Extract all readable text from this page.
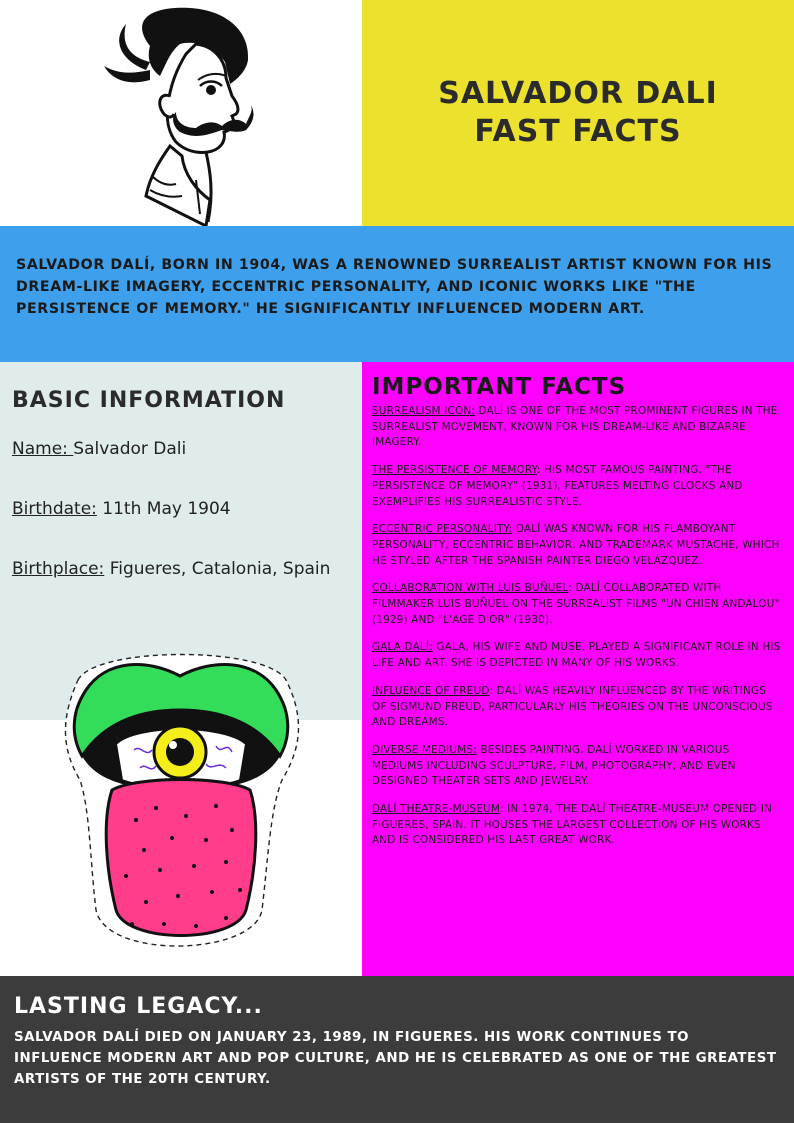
SALVADOR DALI
FAST FACTS

SALVADOR DALÍ, BORN IN 1904, WAS A RENOWNED SURREALIST ARTIST KNOWN FOR HIS DREAM-LIKE IMAGERY, ECCENTRIC PERSONALITY, AND ICONIC WORKS LIKE "THE PERSISTENCE OF MEMORY." HE SIGNIFICANTLY INFLUENCED MODERN ART.

BASIC INFORMATION
Name: Salvador Dali
Birthdate: 11th May 1904
Birthplace: Figueres, Catalonia, Spain
IMPORTANT FACTS
SURREALISM ICON: DALÍ IS ONE OF THE MOST PROMINENT FIGURES IN THE SURREALIST MOVEMENT, KNOWN FOR HIS DREAM-LIKE AND BIZARRE IMAGERY.
THE PERSISTENCE OF MEMORY: HIS MOST FAMOUS PAINTING, "THE PERSISTENCE OF MEMORY" (1931), FEATURES MELTING CLOCKS AND EXEMPLIFIES HIS SURREALISTIC STYLE.
ECCENTRIC PERSONALITY: DALÍ WAS KNOWN FOR HIS FLAMBOYANT PERSONALITY, ECCENTRIC BEHAVIOR, AND TRADEMARK MUSTACHE, WHICH HE STYLED AFTER THE SPANISH PAINTER DIEGO VELÁZQUEZ.
COLLABORATION WITH LUIS BUÑUEL: DALÍ COLLABORATED WITH FILMMAKER LUIS BUÑUEL ON THE SURREALIST FILMS "UN CHIEN ANDALOU" (1929) AND "L'AGE D'OR" (1930).
GALA DALÍ: GALA, HIS WIFE AND MUSE, PLAYED A SIGNIFICANT ROLE IN HIS LIFE AND ART. SHE IS DEPICTED IN MANY OF HIS WORKS.
INFLUENCE OF FREUD: DALÍ WAS HEAVILY INFLUENCED BY THE WRITINGS OF SIGMUND FREUD, PARTICULARLY HIS THEORIES ON THE UNCONSCIOUS AND DREAMS.
DIVERSE MEDIUMS: BESIDES PAINTING, DALÍ WORKED IN VARIOUS MEDIUMS INCLUDING SCULPTURE, FILM, PHOTOGRAPHY, AND EVEN DESIGNED THEATER SETS AND JEWELRY.
DALÍ THEATRE-MUSEUM: IN 1974, THE DALÍ THEATRE-MUSEUM OPENED IN FIGUERES, SPAIN. IT HOUSES THE LARGEST COLLECTION OF HIS WORKS AND IS CONSIDERED HIS LAST GREAT WORK.
LASTING LEGACY...

SALVADOR DALÍ DIED ON JANUARY 23, 1989, IN FIGUERES. HIS WORK CONTINUES TO INFLUENCE MODERN ART AND POP CULTURE, AND HE IS CELEBRATED AS ONE OF THE GREATEST ARTISTS OF THE 20TH CENTURY.
